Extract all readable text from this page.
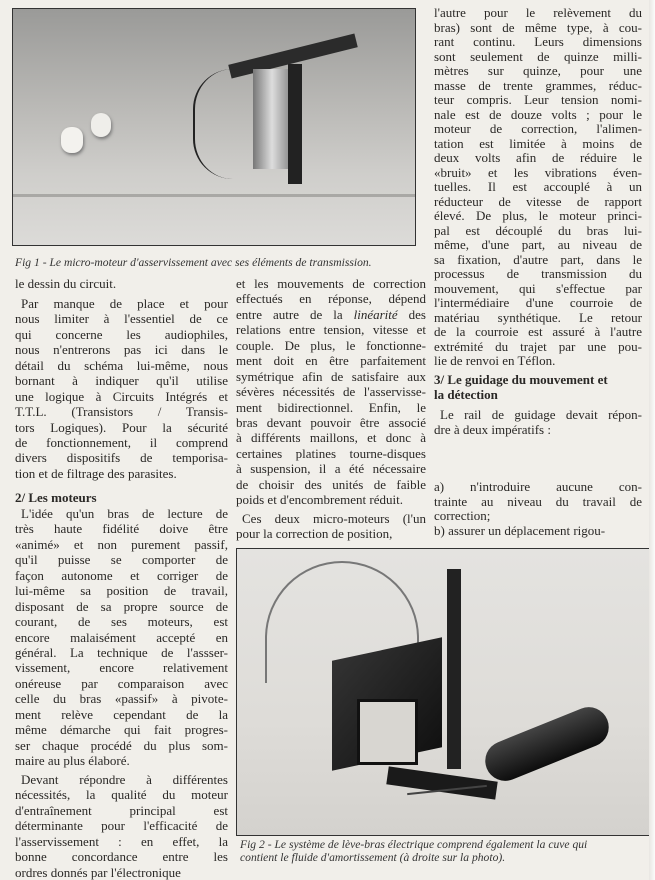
Fig 1 - Le micro-moteur d'asservissement avec ses éléments de transmission.
le dessin du circuit.
Par manque de place et pour
nous limiter à l'essentiel de ce
qui concerne les audiophiles,
nous n'entrerons pas ici dans le
détail du schéma lui-même, nous
bornant à indiquer qu'il utilise
une logique à Circuits Intégrés et
T.T.L. (Transistors / Transis-
tors Logiques). Pour la sécurité
de fonctionnement, il comprend
divers dispositifs de temporisa-
tion et de filtrage des parasites.
2/ Les moteurs
L'idée qu'un bras de lecture de
très haute fidélité doive être
«animé» et non purement passif,
qu'il puisse se comporter de
façon autonome et corriger de
lui-même sa position de travail,
disposant de sa propre source de
courant, de ses moteurs, est
encore malaisément accepté en
général. La technique de l'assser-
vissement, encore relativement
onéreuse par comparaison avec
celle du bras «passif» à pivote-
ment relève cependant de la
même démarche qui fait progres-
ser chaque procédé du plus som-
maire au plus élaboré.
Devant répondre à différentes
nécessités, la qualité du moteur
d'entraînement principal est
déterminante pour l'efficacité de
l'asservissement : en effet, la
bonne concordance entre les
ordres donnés par l'électronique
et les mouvements de correction
effectués en réponse, dépend
entre autre de la linéarité des
relations entre tension, vitesse et
couple. De plus, le fonctionne-
ment doit en être parfaitement
symétrique afin de satisfaire aux
sévères nécessités de l'asservisse-
ment bidirectionnel. Enfin, le
bras devant pouvoir être associé
à différents maillons, et donc à
certaines platines tourne-disques
à suspension, il a été nécessaire
de choisir des unités de faible
poids et d'encombrement réduit.
Ces deux micro-moteurs (l'un
pour la correction de position,
l'autre pour le relèvement du
bras) sont de même type, à cou-
rant continu. Leurs dimensions
sont seulement de quinze milli-
mètres sur quinze, pour une
masse de trente grammes, réduc-
teur compris. Leur tension nomi-
nale est de douze volts ; pour le
moteur de correction, l'alimen-
tation est limitée à moins de
deux volts afin de réduire le
«bruit» et les vibrations éven-
tuelles. Il est accouplé à un
réducteur de vitesse de rapport
élevé. De plus, le moteur princi-
pal est découplé du bras lui-
même, d'une part, au niveau de
sa fixation, d'autre part, dans le
processus de transmission du
mouvement, qui s'effectue par
l'intermédiaire d'une courroie de
matériau synthétique. Le retour
de la courroie est assuré à l'autre
extrémité du trajet par une pou-
lie de renvoi en Téflon.
3/ Le guidage du mouvement et
la détection
Le rail de guidage devait répon-
dre à deux impératifs :
a) n'introduire aucune con-
trainte au niveau du travail de
correction;
b) assurer un déplacement rigou-
Fig 2 - Le système de lève-bras électrique comprend également la cuve qui
contient le fluide d'amortissement (à droite sur la photo).
